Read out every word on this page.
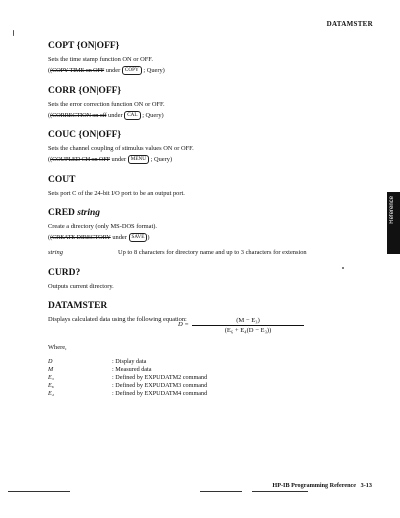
DATAMSTER
COPT {ON|OFF}
Sets the time stamp function ON or OFF.
((COPY TIME on OFF under COPY ; Query)
CORR {ON|OFF}
Sets the error correction function ON or OFF.
((CORRECTION on off under CAL ; Query)
COUC {ON|OFF}
Sets the channel coupling of stimulus values ON or OFF.
((COUPLED CH on OFF under MENU ; Query)
COUT
Sets port C of the 24-bit I/O port to be an output port.
CRED string
Create a directory (only MS-DOS format).
((CREATE DIRECTORY under SAVE )
string	Up to 8 characters for directory name and up to 3 characters for extension
CURD?
Outputs current directory.
DATAMSTER
Displays calculated data using the following equation:
$D = \frac{\text{(M − E₃)}}{\text{(E₆ + E₄(D − E₃))}}$
Where,
D	: Display data
M	: Measured data
E₃	: Defined by EXPUDATM2 command
E₆	: Defined by EXPUDATM3 command
E₄	: Defined by EXPUDATM4 command
Reference
HP-IB Programming Reference 3-13
